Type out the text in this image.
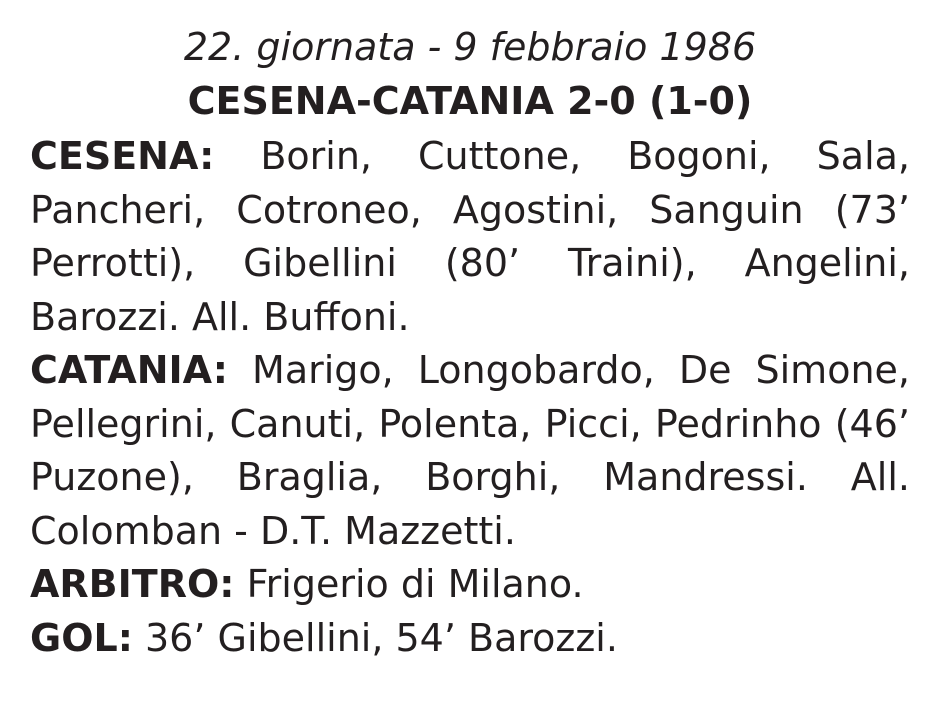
22. giornata - 9 febbraio 1986
CESENA-CATANIA 2-0 (1-0)
CESENA: Borin, Cuttone, Bogoni, Sala, Pancheri, Cotroneo, Agostini, Sanguin (73’ Perrotti), Gibellini (80’ Traini), Angelini, Barozzi. All. Buffoni.
CATANIA: Marigo, Longobardo, De Simone, Pellegrini, Canuti, Polenta, Picci, Pedrinho (46’ Puzone), Braglia, Borghi, Mandressi. All. Colomban - D.T. Mazzetti.
ARBITRO: Frigerio di Milano.
GOL: 36’ Gibellini, 54’ Barozzi.
